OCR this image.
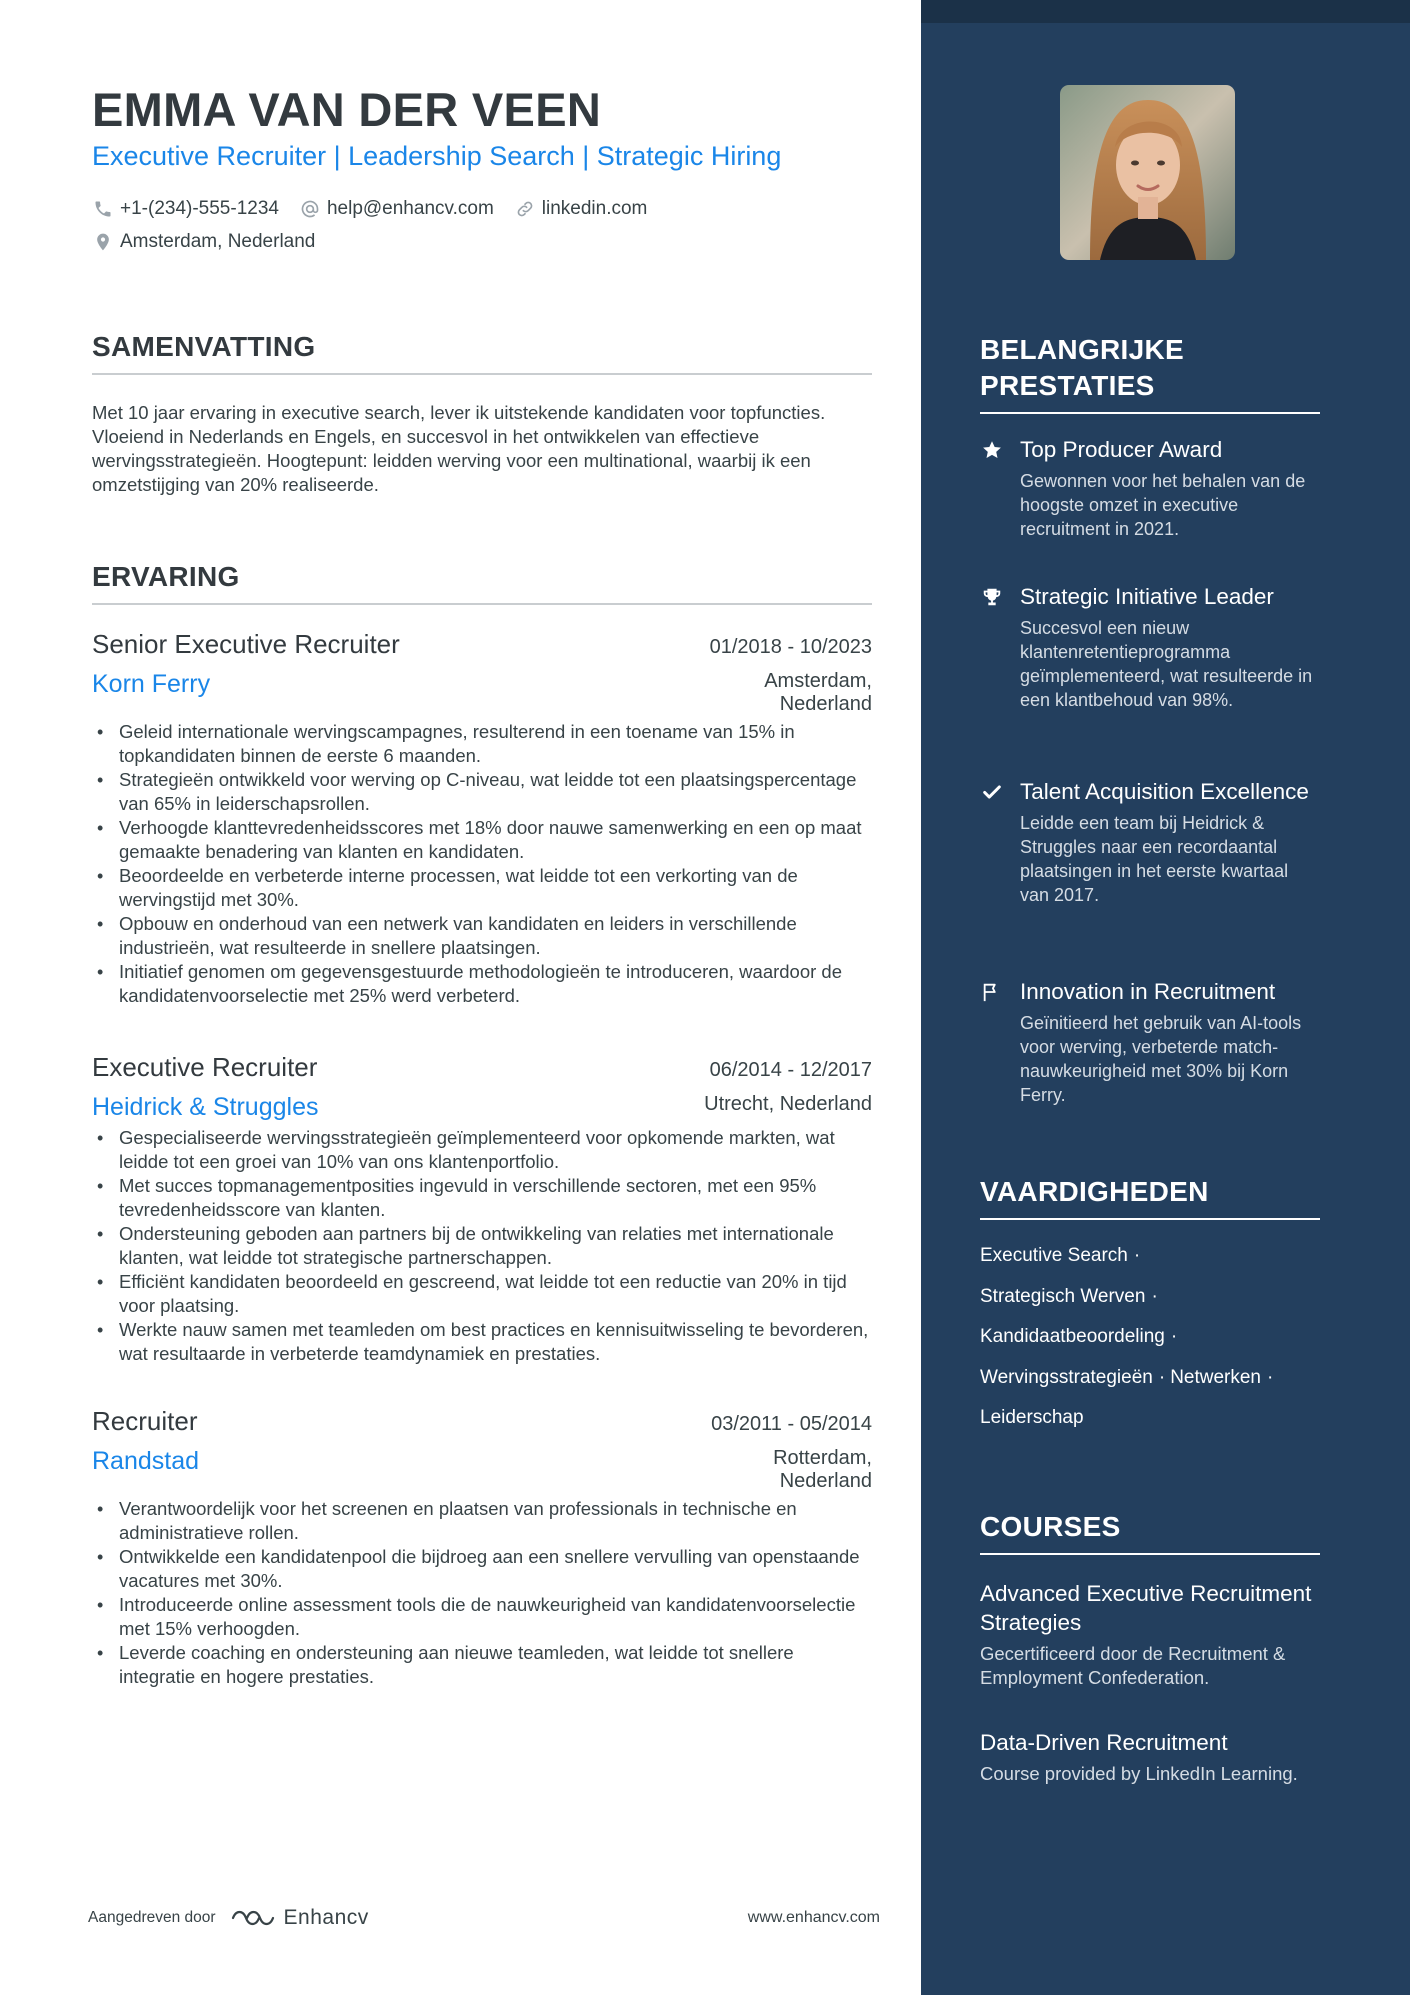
EMMA VAN DER VEEN
Executive Recruiter | Leadership Search | Strategic Hiring
+1-(234)-555-1234	help@enhancv.com	linkedin.com
Amsterdam, Nederland
SAMENVATTING

Met 10 jaar ervaring in executive search, lever ik uitstekende kandidaten voor topfuncties. Vloeiend in Nederlands en Engels, en succesvol in het ontwikkelen van effectieve wervingsstrategieën. Hoogtepunt: leidden werving voor een multinational, waarbij ik een omzetstijging van 20% realiseerde.

ERVARING
Senior Executive Recruiter	01/2018 - 10/2023
Korn Ferry	Amsterdam, Nederland
• Geleid internationale wervingscampagnes, resulterend in een toename van 15% in topkandidaten binnen de eerste 6 maanden.
• Strategieën ontwikkeld voor werving op C-niveau, wat leidde tot een plaatsingspercentage van 65% in leiderschapsrollen.
• Verhoogde klanttevredenheidsscores met 18% door nauwe samenwerking en een op maat gemaakte benadering van klanten en kandidaten.
• Beoordeelde en verbeterde interne processen, wat leidde tot een verkorting van de wervingstijd met 30%.
• Opbouw en onderhoud van een netwerk van kandidaten en leiders in verschillende industrieën, wat resulteerde in snellere plaatsingen.
• Initiatief genomen om gegevensgestuurde methodologieën te introduceren, waardoor de kandidatenvoorselectie met 25% werd verbeterd.
Executive Recruiter	06/2014 - 12/2017
Heidrick & Struggles	Utrecht, Nederland
• Gespecialiseerde wervingsstrategieën geïmplementeerd voor opkomende markten, wat leidde tot een groei van 10% van ons klantenportfolio.
• Met succes topmanagementposities ingevuld in verschillende sectoren, met een 95% tevredenheidsscore van klanten.
• Ondersteuning geboden aan partners bij de ontwikkeling van relaties met internationale klanten, wat leidde tot strategische partnerschappen.
• Efficiënt kandidaten beoordeeld en gescreend, wat leidde tot een reductie van 20% in tijd voor plaatsing.
• Werkte nauw samen met teamleden om best practices en kennisuitwisseling te bevorderen, wat resultaarde in verbeterde teamdynamiek en prestaties.
Recruiter	03/2011 - 05/2014
Randstad	Rotterdam, Nederland
• Verantwoordelijk voor het screenen en plaatsen van professionals in technische en administratieve rollen.
• Ontwikkelde een kandidatenpool die bijdroeg aan een snellere vervulling van openstaande vacatures met 30%.
• Introduceerde online assessment tools die de nauwkeurigheid van kandidatenvoorselectie met 15% verhoogden.
• Leverde coaching en ondersteuning aan nieuwe teamleden, wat leidde tot snellere integratie en hogere prestaties.
Aangedreven door	Enhancv	www.enhancv.com
BELANGRIJKE PRESTATIES
Top Producer Award
Gewonnen voor het behalen van de hoogste omzet in executive recruitment in 2021.
Strategic Initiative Leader
Succesvol een nieuw klantenretentieprogramma geïmplementeerd, wat resulteerde in een klantbehoud van 98%.
Talent Acquisition Excellence
Leidde een team bij Heidrick & Struggles naar een recordaantal plaatsingen in het eerste kwartaal van 2017.
Innovation in Recruitment
Geïnitieerd het gebruik van AI-tools voor werving, verbeterde match-nauwkeurigheid met 30% bij Korn Ferry.
VAARDIGHEDEN
Executive Search ·
Strategisch Werven ·
Kandidaatbeoordeling ·
Wervingsstrategieën · Netwerken ·
Leiderschap
COURSES
Advanced Executive Recruitment Strategies
Gecertificeerd door de Recruitment & Employment Confederation.
Data-Driven Recruitment
Course provided by LinkedIn Learning.
